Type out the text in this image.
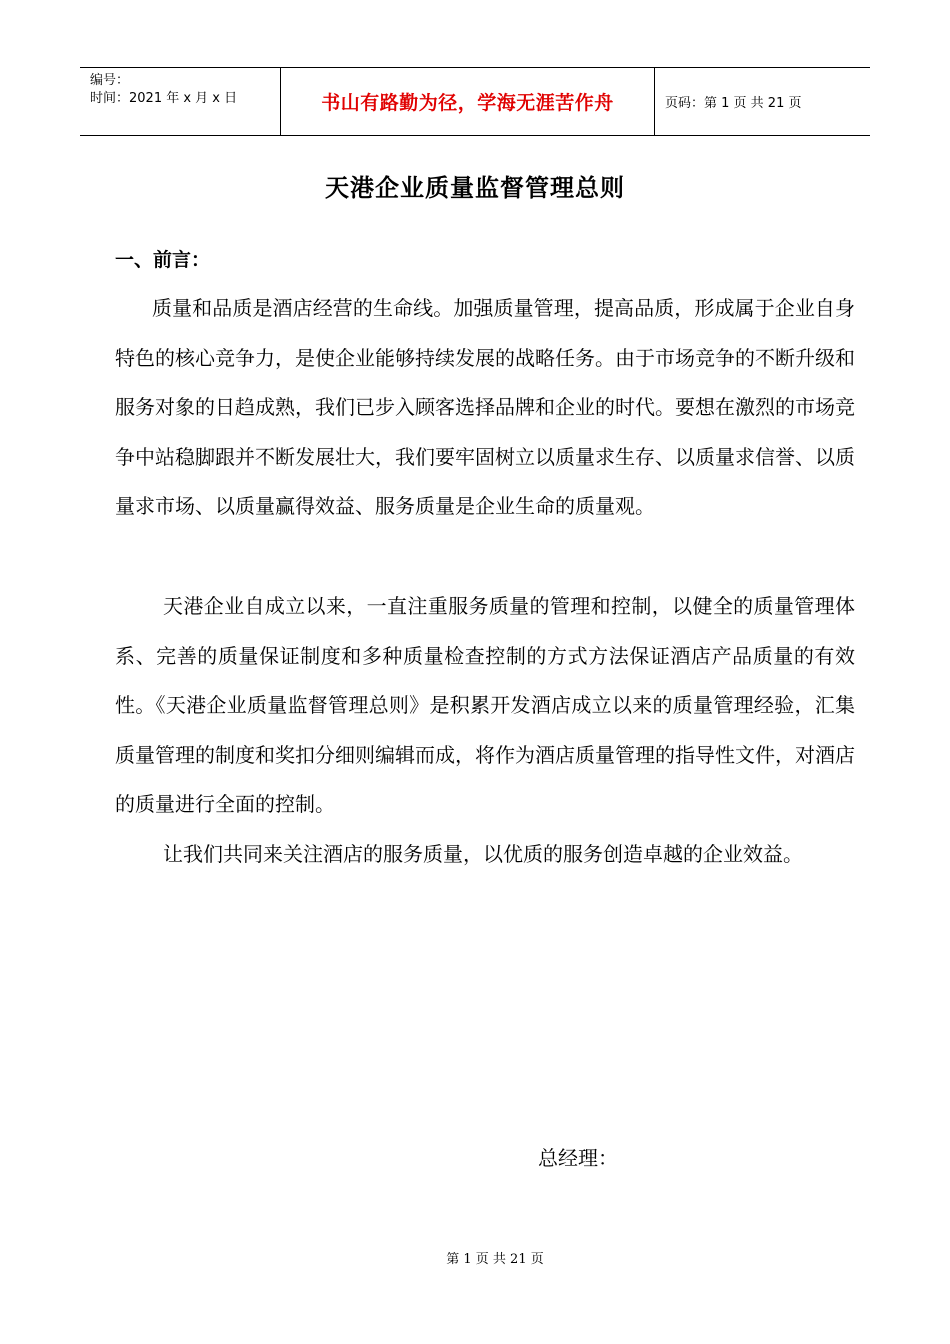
编号：
时间：2021 年 x 月 x 日	书山有路勤为径，学海无涯苦作舟	页码：第 1 页 共 21 页
天港企业质量监督管理总则
一、前言：
质量和品质是酒店经营的生命线。加强质量管理，提高品质，形成属于企业自身特色的核心竞争力，是使企业能够持续发展的战略任务。由于市场竞争的不断升级和服务对象的日趋成熟，我们已步入顾客选择品牌和企业的时代。要想在激烈的市场竞争中站稳脚跟并不断发展壮大，我们要牢固树立以质量求生存、以质量求信誉、以质量求市场、以质量赢得效益、服务质量是企业生命的质量观。
天港企业自成立以来，一直注重服务质量的管理和控制，以健全的质量管理体系、完善的质量保证制度和多种质量检查控制的方式方法保证酒店产品质量的有效性。《天港企业质量监督管理总则》是积累开发酒店成立以来的质量管理经验，汇集质量管理的制度和奖扣分细则编辑而成，将作为酒店质量管理的指导性文件，对酒店的质量进行全面的控制。
让我们共同来关注酒店的服务质量，以优质的服务创造卓越的企业效益。
总经理：
第 1 页 共 21 页
